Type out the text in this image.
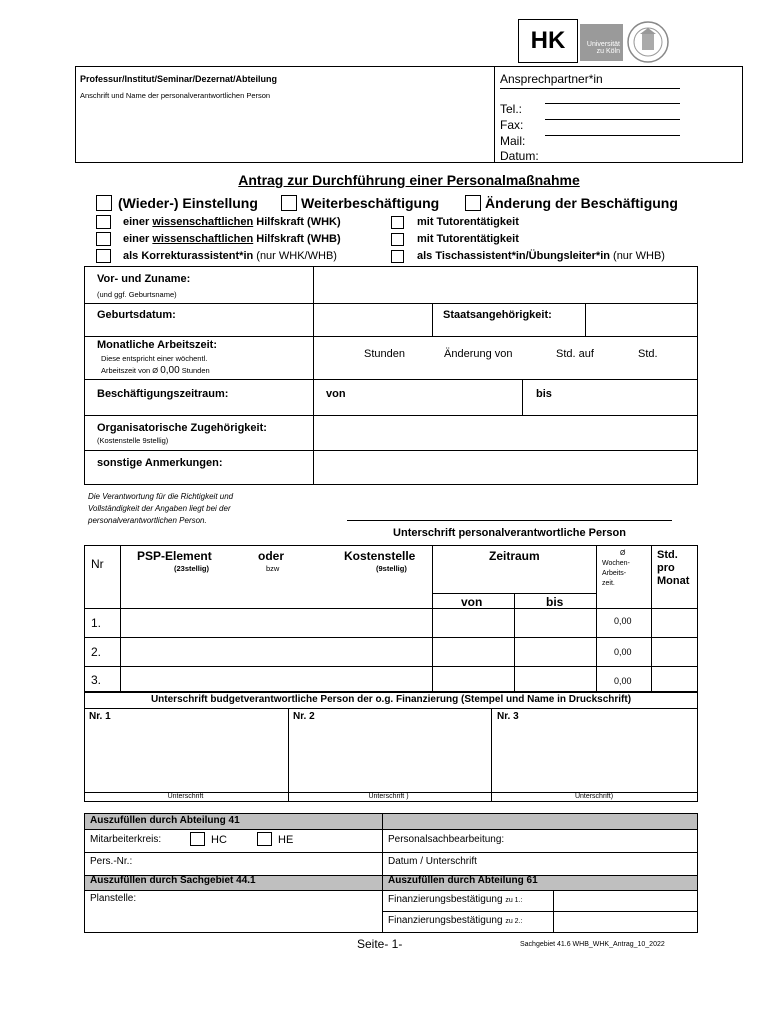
HK	Universität
zu Köln
Professur/Institut/Seminar/Dezernat/Abteilung
Anschrift und Name der personalverantwortlichen Person
Ansprechpartner*in
Tel.:
Fax:
Mail:
Datum:
Antrag zur Durchführung einer Personalmaßnahme
(Wieder-) Einstellung	Weiterbeschäftigung	Änderung der Beschäftigung
einer wissenschaftlichen Hilfskraft (WHK)	mit Tutorentätigkeit
einer wissenschaftlichen Hilfskraft (WHB)	mit Tutorentätigkeit
als Korrekturassistent*in (nur WHK/WHB)	als Tischassistent*in/Übungsleiter*in (nur WHB)
Vor- und Zuname:
(und ggf. Geburtsname)
Geburtsdatum:	Staatsangehörigkeit:
Monatliche Arbeitszeit:
Diese entspricht einer wöchentl.
Arbeitszeit von Ø 0,00 Stunden
Stunden	Änderung von	Std. auf	Std.
Beschäftigungszeitraum:	von	bis
Organisatorische Zugehörigkeit:
(Kostenstelle 9stellig)
sonstige Anmerkungen:
Die Verantwortung für die Richtigkeit und
Vollständigkeit der Angaben liegt bei der
personalverantwortlichen Person.
Unterschrift personalverantwortliche Person
Nr
PSP-Element
(23stellig)
oder
bzw
Kostenstelle
(9stellig)
Zeitraum
von	bis
Ø
Wochen-
Arbeits-
zeit.
Std.
pro
Monat
1.	0,00
2.	0,00
3.	0,00
Unterschrift budgetverantwortliche Person der o.g. Finanzierung (Stempel und Name in Druckschrift)
Nr. 1	Nr. 2	Nr. 3
Unterschrift	Unterschrift )	Unterschrift)
Auszufüllen durch Abteilung 41
Mitarbeiterkreis:	HC	HE	Personalsachbearbeitung:
Pers.-Nr.:	Datum / Unterschrift
Auszufüllen durch Sachgebiet 44.1	Auszufüllen durch Abteilung 61
Planstelle:	Finanzierungsbestätigung zu 1.:
Finanzierungsbestätigung zu 2.:
Seite- 1-	Sachgebiet 41.6 WHB_WHK_Antrag_10_2022
